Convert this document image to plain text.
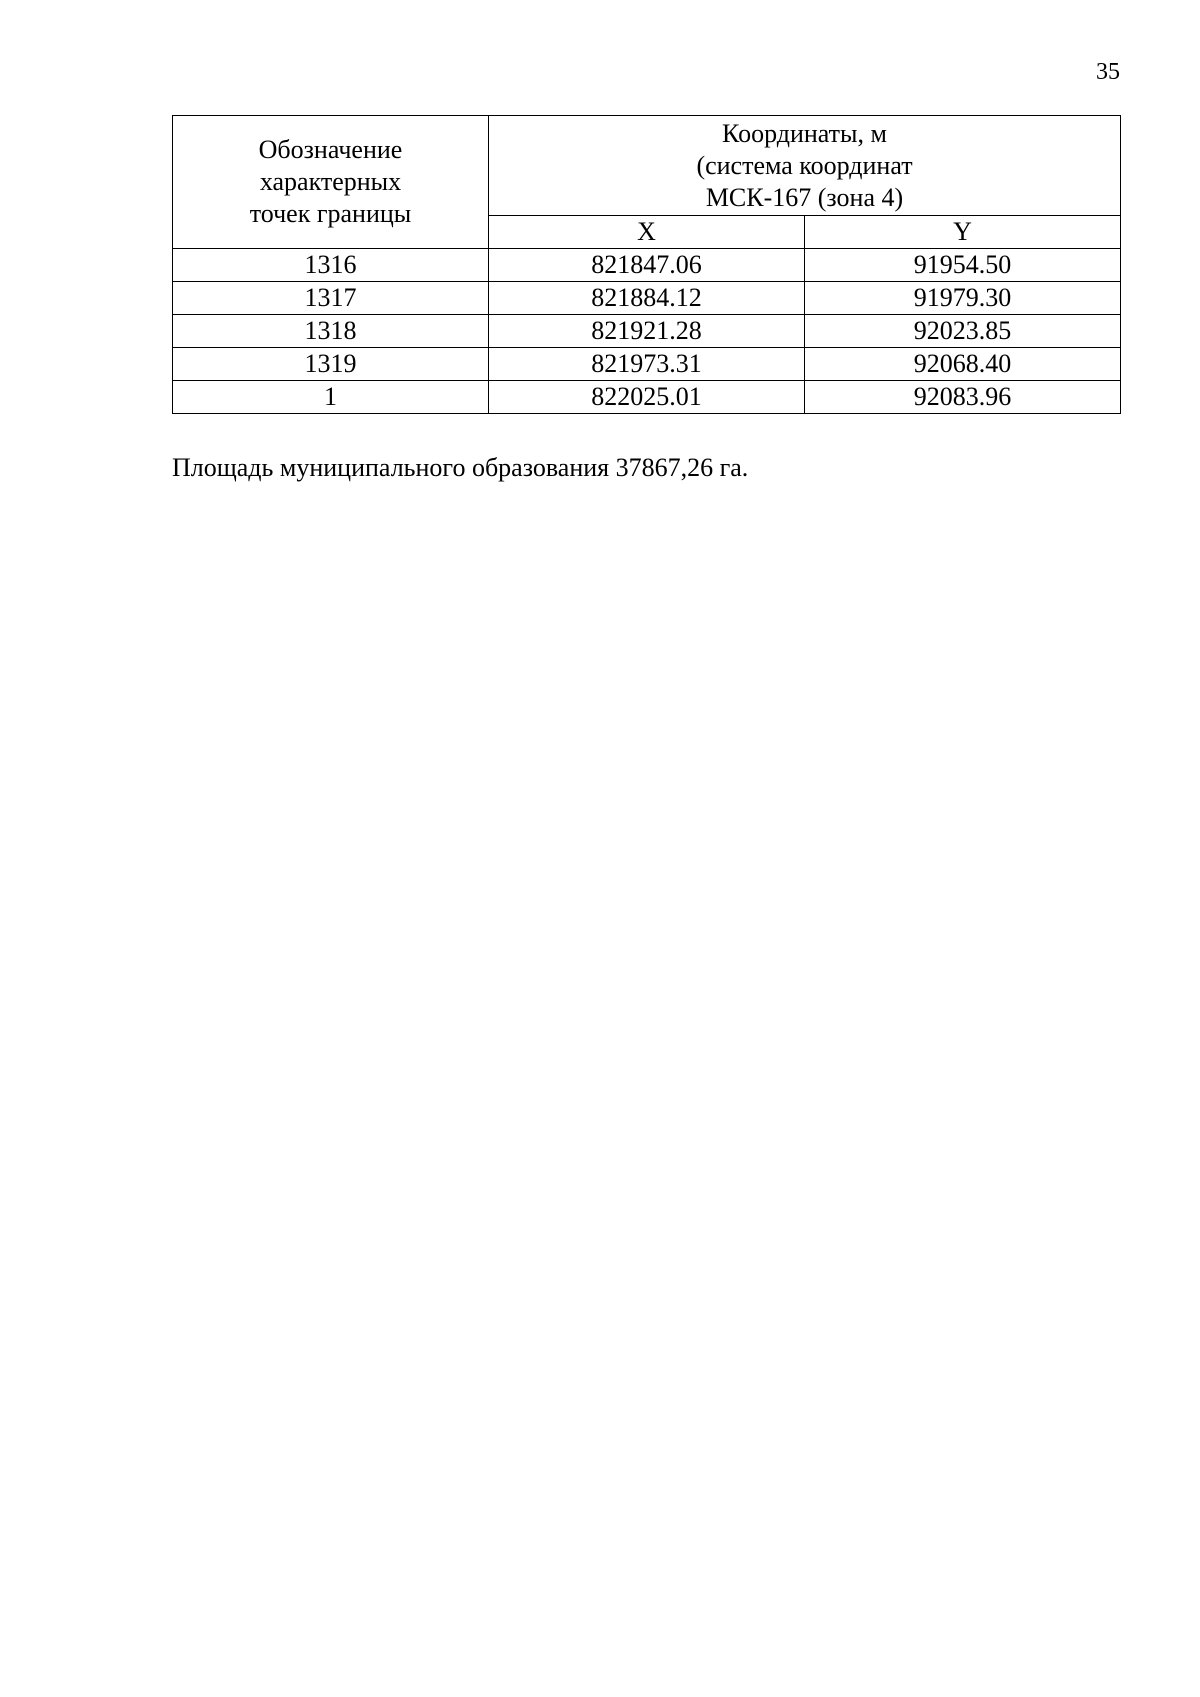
35
Обозначение
характерных
точек границы	Координаты, м
(система координат
МСК-167 (зона 4)	
	X	Y
1316	821847.06	91954.50
1317	821884.12	91979.30
1318	821921.28	92023.85
1319	821973.31	92068.40
1	822025.01	92083.96

Площадь муниципального образования 37867,26 га.
